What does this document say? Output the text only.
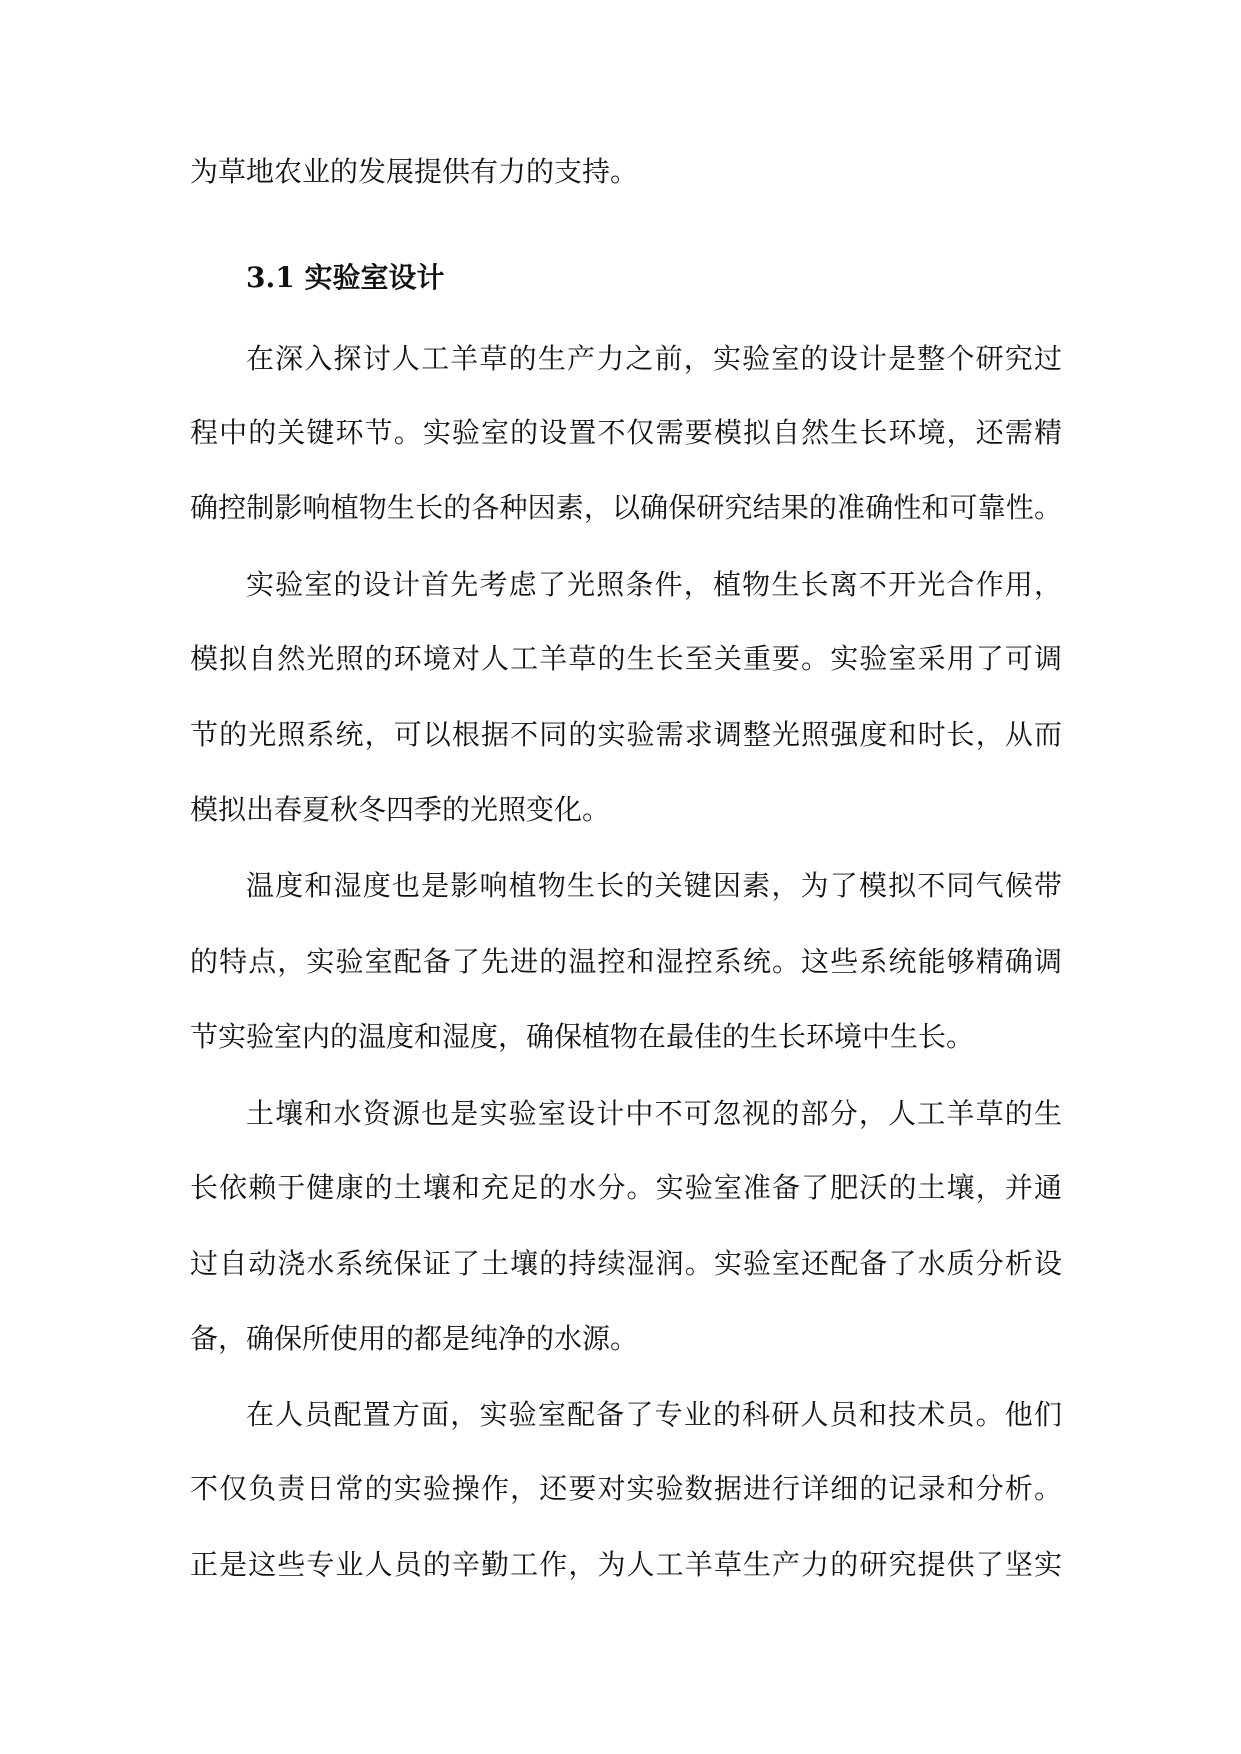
为草地农业的发展提供有力的支持。
3.1 实验室设计
在深入探讨人工羊草的生产力之前，实验室的设计是整个研究过
程中的关键环节。实验室的设置不仅需要模拟自然生长环境，还需精
确控制影响植物生长的各种因素，以确保研究结果的准确性和可靠性。
实验室的设计首先考虑了光照条件，植物生长离不开光合作用，
模拟自然光照的环境对人工羊草的生长至关重要。实验室采用了可调
节的光照系统，可以根据不同的实验需求调整光照强度和时长，从而
模拟出春夏秋冬四季的光照变化。
温度和湿度也是影响植物生长的关键因素，为了模拟不同气候带
的特点，实验室配备了先进的温控和湿控系统。这些系统能够精确调
节实验室内的温度和湿度，确保植物在最佳的生长环境中生长。
土壤和水资源也是实验室设计中不可忽视的部分，人工羊草的生
长依赖于健康的土壤和充足的水分。实验室准备了肥沃的土壤，并通
过自动浇水系统保证了土壤的持续湿润。实验室还配备了水质分析设
备，确保所使用的都是纯净的水源。
在人员配置方面，实验室配备了专业的科研人员和技术员。他们
不仅负责日常的实验操作，还要对实验数据进行详细的记录和分析。
正是这些专业人员的辛勤工作，为人工羊草生产力的研究提供了坚实
